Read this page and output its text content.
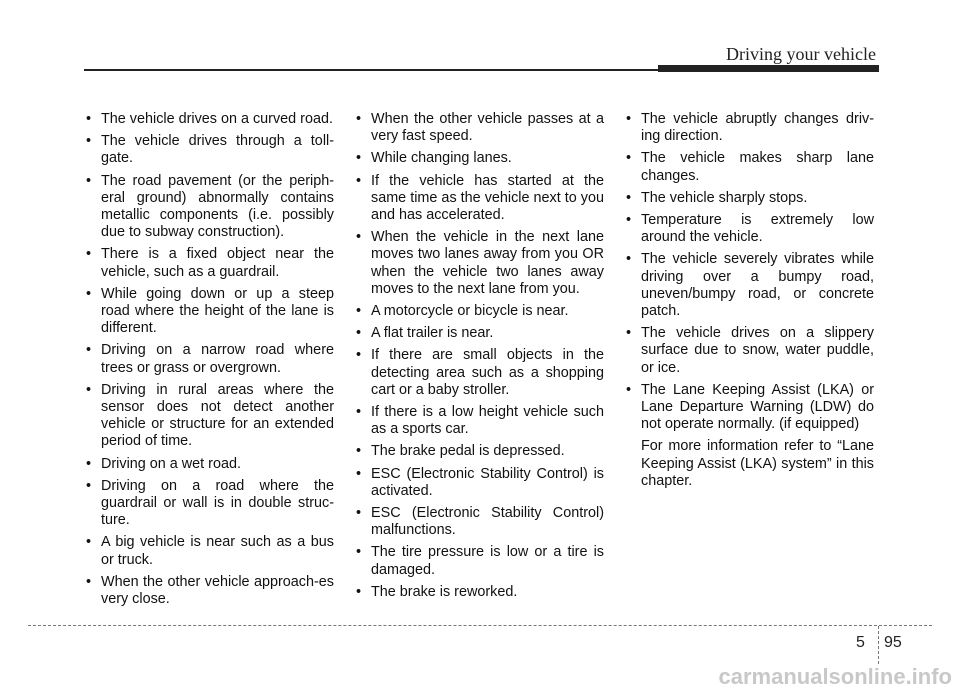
Driving your vehicle
• The vehicle drives on a curved road.
• The vehicle drives through a toll-gate.
• The road pavement (or the periph-eral ground) abnormally contains metallic components (i.e. possibly due to subway construction).
• There is a fixed object near the vehicle, such as a guardrail.
• While going down or up a steep road where the height of the lane is different.
• Driving on a narrow road where trees or grass or overgrown.
• Driving in rural areas where the sensor does not detect another vehicle or structure for an extended period of time.
• Driving on a wet road.
• Driving on a road where the guardrail or wall is in double struc-ture.
• A big vehicle is near such as a bus or truck.
• When the other vehicle approach-es very close.
• When the other vehicle passes at a very fast speed.
• While changing lanes.
• If the vehicle has started at the same time as the vehicle next to you and has accelerated.
• When the vehicle in the next lane moves two lanes away from you OR when the vehicle two lanes away moves to the next lane from you.
• A motorcycle or bicycle is near.
• A flat trailer is near.
• If there are small objects in the detecting area such as a shopping cart or a baby stroller.
• If there is a low height vehicle such as a sports car.
• The brake pedal is depressed.
• ESC (Electronic Stability Control) is activated.
• ESC (Electronic Stability Control) malfunctions.
• The tire pressure is low or a tire is damaged.
• The brake is reworked.
• The vehicle abruptly changes driv-ing direction.
• The vehicle makes sharp lane changes.
• The vehicle sharply stops.
• Temperature is extremely low around the vehicle.
• The vehicle severely vibrates while driving over a bumpy road, uneven/bumpy road, or concrete patch.
• The vehicle drives on a slippery surface due to snow, water puddle, or ice.
• The Lane Keeping Assist (LKA) or Lane Departure Warning (LDW) do not operate normally. (if equipped)

For more information refer to “Lane Keeping Assist (LKA) system” in this chapter.

5 95
carmanualsonline.info
